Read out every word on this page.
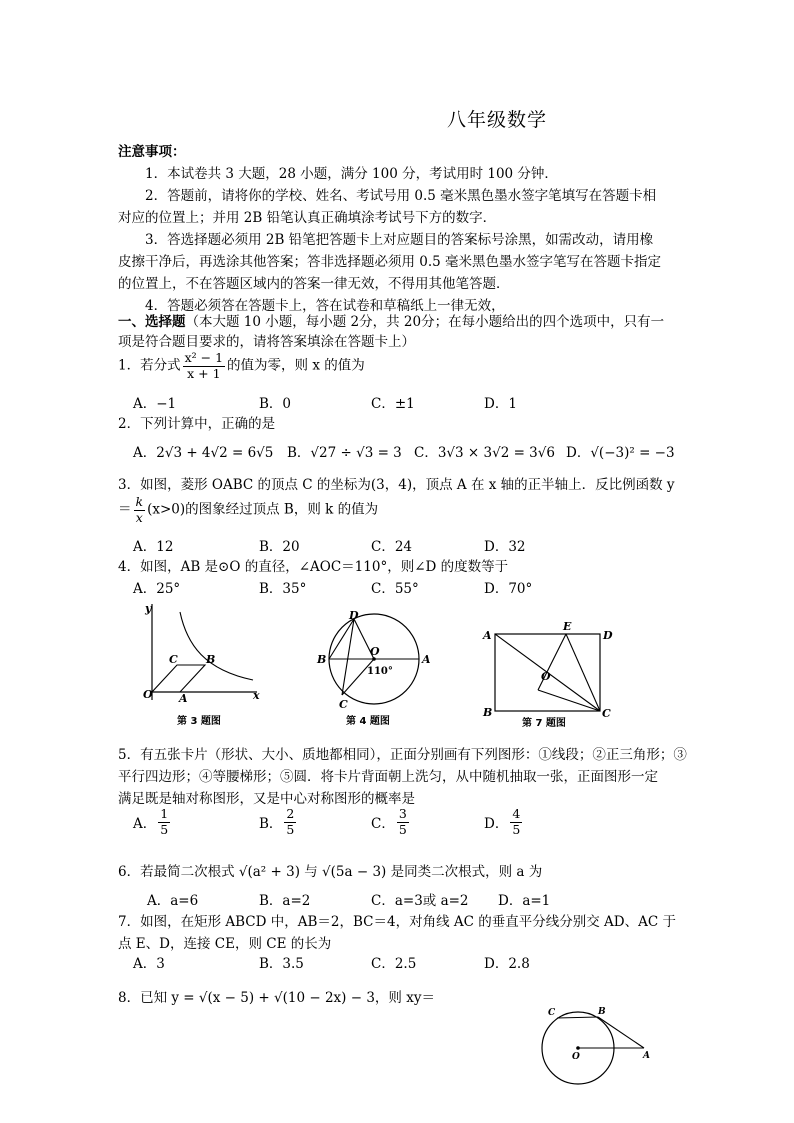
八年级数学
注意事项：
1．本试卷共 3 大题，28 小题，满分 100 分，考试用时 100 分钟．
2．答题前，请将你的学校、姓名、考试号用 0.5 毫米黑色墨水签字笔填写在答题卡相
对应的位置上；并用 2B 铅笔认真正确填涂考试号下方的数字．
3．答选择题必须用 2B 铅笔把答题卡上对应题目的答案标号涂黑，如需改动，请用橡
皮擦干净后，再选涂其他答案；答非选择题必须用 0.5 毫米黑色墨水签字笔写在答题卡指定
的位置上，不在答题区域内的答案一律无效，不得用其他笔答题．
4．答题必须答在答题卡上，答在试卷和草稿纸上一律无效，
一、选择题（本大题 10 小题，每小题 2分，共 20分；在每小题给出的四个选项中，只有一
项是符合题目要求的，请将答案填涂在答题卡上）
1．若分式 $\frac{\text{x² − 1}}{x + 1}$ 的值为零，则 x 的值为
A．−1	B．0	C．±1	D．1
2．下列计算中，正确的是
A．2√3 + 4√2 = 6√5 B．√27 ÷ √3 = 3 C．3√3 × 3√2 = 3√6 D．√(−3)² = −3
3．如图，菱形 OABC 的顶点 C 的坐标为(3，4)，顶点 A 在 x 轴的正半轴上．反比例函数 y
＝ $\frac{k}{x} (x>0)$的图象经过顶点 B，则 k 的值为
A．12	B．20	C．24	D．32
4．如图，AB 是⊙O 的直径，∠AOC＝110°，则∠D 的度数等于
A．25°	B．35°	C．55°	D．70°
y
x
O A
B
C
第 3 题图
D
B	A
C
O
110°
第 4 题图
A
B	C
D
E
O
第 7 题图
5．有五张卡片（形状、大小、质地都相同），正面分别画有下列图形：①线段；②正三角形；③
平行四边形；④等腰梯形；⑤圆．将卡片背面朝上洗匀，从中随机抽取一张，正面图形一定
满足既是轴对称图形，又是中心对称图形的概率是
A． $\frac{1}{5}$	B． $\frac{2}{5}$	C． $\frac{3}{5}$	D． $\frac{4}{5}$
6．若最简二次根式 √(a² + 3) 与 √(5a − 3) 是同类二次根式，则 a 为
A．a=6	B．a=2	C．a=3或 a=2 D．a=1
7．如图，在矩形 ABCD 中，AB＝2，BC＝4，对角线 AC 的垂直平分线分别交 AD、AC 于
点 E、D，连接 CE，则 CE 的长为
A．3	B．3.5	C．2.5	D．2.8
8．已知 y = √(x − 5) + √(10 − 2x) − 3，则 xy＝
C	B
A
O
